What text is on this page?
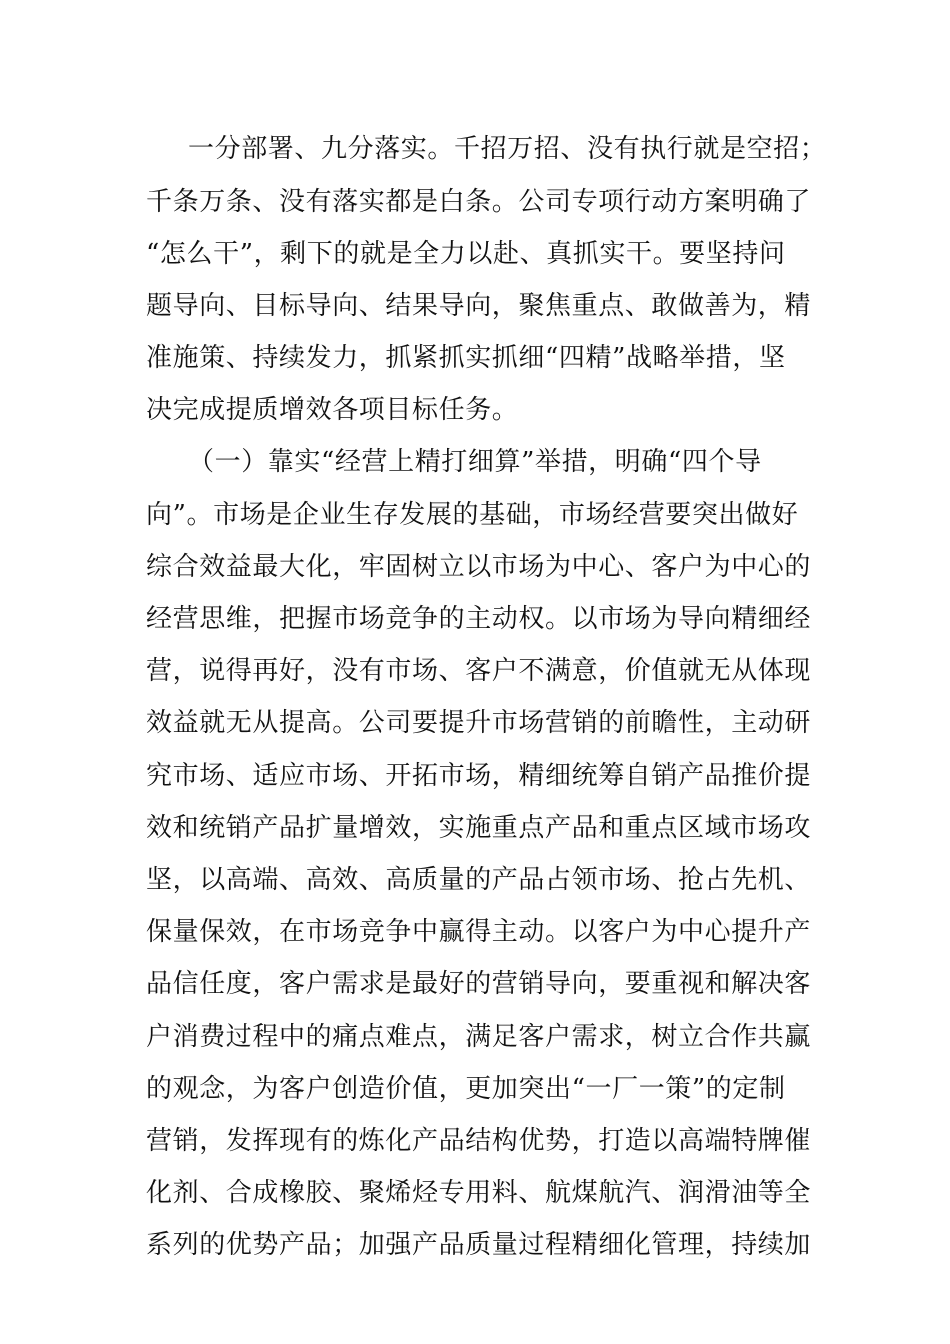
一分部署、九分落实。千招万招、没有执行就是空招；
千条万条、没有落实都是白条。公司专项行动方案明确了
“怎么干”，剩下的就是全力以赴、真抓实干。要坚持问
题导向、目标导向、结果导向，聚焦重点、敢做善为，精
准施策、持续发力，抓紧抓实抓细“四精”战略举措，坚
决完成提质增效各项目标任务。
（一）靠实“经营上精打细算”举措，明确“四个导
向”。市场是企业生存发展的基础，市场经营要突出做好
综合效益最大化，牢固树立以市场为中心、客户为中心的
经营思维，把握市场竞争的主动权。以市场为导向精细经
营，说得再好，没有市场、客户不满意，价值就无从体现
效益就无从提高。公司要提升市场营销的前瞻性，主动研
究市场、适应市场、开拓市场，精细统筹自销产品推价提
效和统销产品扩量增效，实施重点产品和重点区域市场攻
坚，以高端、高效、高质量的产品占领市场、抢占先机、
保量保效，在市场竞争中赢得主动。以客户为中心提升产
品信任度，客户需求是最好的营销导向，要重视和解决客
户消费过程中的痛点难点，满足客户需求，树立合作共赢
的观念，为客户创造价值，更加突出“一厂一策”的定制
营销，发挥现有的炼化产品结构优势，打造以高端特牌催
化剂、合成橡胶、聚烯烃专用料、航煤航汽、润滑油等全
系列的优势产品；加强产品质量过程精细化管理，持续加
